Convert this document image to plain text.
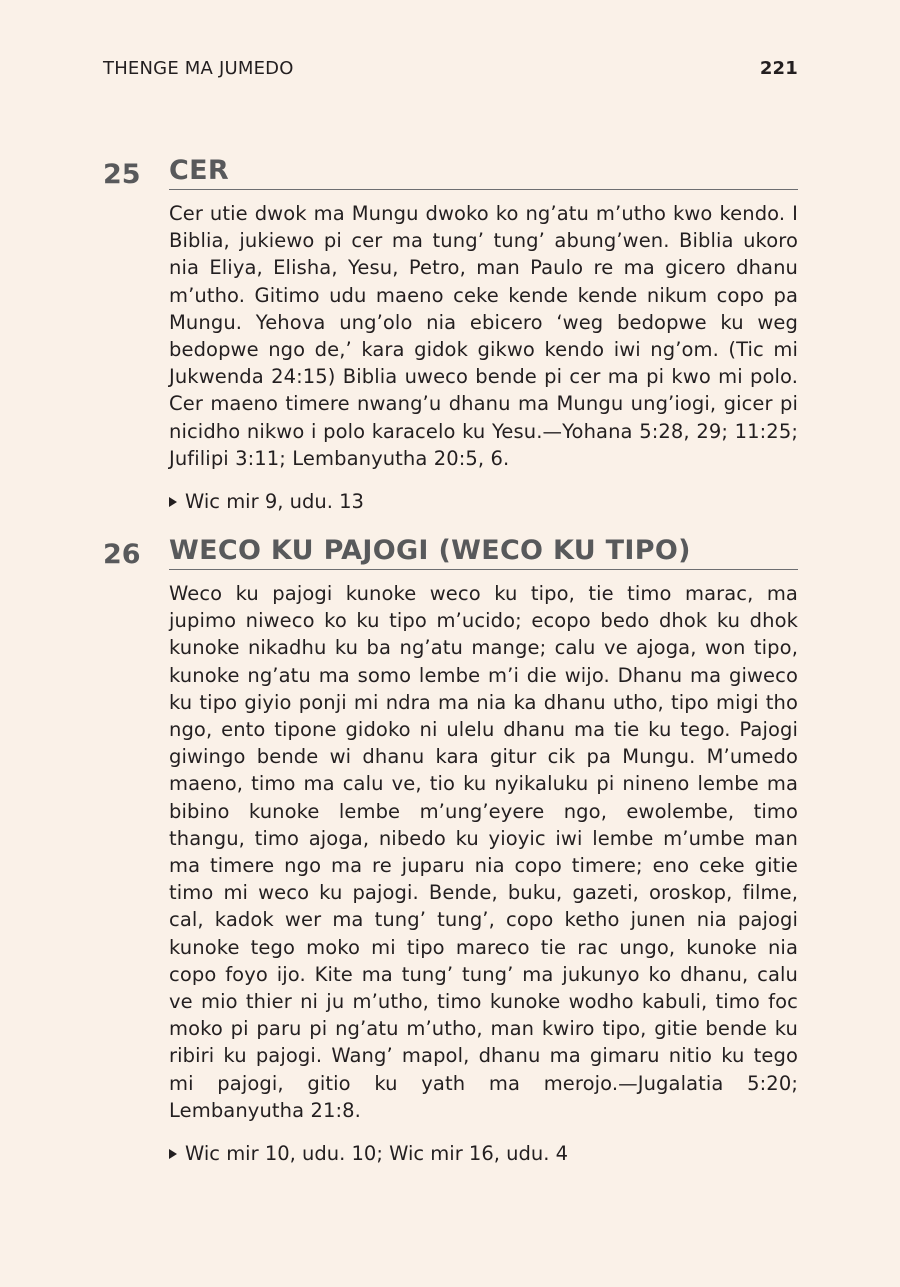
THENGE MA JUMEDO	221
25	CER

Cer utie dwok ma Mungu dwoko ko ng’atu m’utho kwo kendo. I Biblia, jukiewo pi cer ma tung’ tung’ abung’wen. Biblia ukoro nia Eliya, Elisha, Yesu, Petro, man Paulo re ma gicero dhanu m’utho. Gitimo udu maeno ceke kende kende nikum copo pa Mungu. Yehova ung’olo nia ebicero ‘weg bedopwe ku weg bedopwe ngo de,’ kara gidok gikwo kendo iwi ng’om. (Tic mi Jukwenda 24:15) Biblia uweco bende pi cer ma pi kwo mi polo. Cer maeno timere nwang’u dhanu ma Mungu ung’iogi, gicer pi nicidho nikwo i polo karacelo ku Yesu.—Yohana 5:28, 29; 11:25; Jufilipi 3:11; Lembanyutha 20:5, 6.

Wic mir 9, udu. 13
26	WECO KU PAJOGI (WECO KU TIPO)

Weco ku pajogi kunoke weco ku tipo, tie timo marac, ma jupimo niweco ko ku tipo m’ucido; ecopo bedo dhok ku dhok kunoke nikadhu ku ba ng’atu mange; calu ve ajoga, won tipo, kunoke ng’atu ma somo lembe m’i die wijo. Dhanu ma giweco ku tipo giyio ponji mi ndra ma nia ka dhanu utho, tipo migi tho ngo, ento tipone gidoko ni ulelu dhanu ma tie ku tego. Pajogi giwingo bende wi dhanu kara gitur cik pa Mungu. M’umedo maeno, timo ma calu ve, tio ku nyikaluku pi nineno lembe ma bibino kunoke lembe m’ung’eyere ngo, ewolembe, timo thangu, timo ajoga, nibedo ku yioyic iwi lembe m’umbe man ma timere ngo ma re juparu nia copo timere; eno ceke gitie timo mi weco ku pajogi. Bende, buku, gazeti, oroskop, filme, cal, kadok wer ma tung’ tung’, copo ketho junen nia pajogi kunoke tego moko mi tipo mareco tie rac ungo, kunoke nia copo foyo ijo. Kite ma tung’ tung’ ma jukunyo ko dhanu, calu ve mio thier ni ju m’utho, timo kunoke wodho kabuli, timo foc moko pi paru pi ng’atu m’utho, man kwiro tipo, gitie bende ku ribiri ku pajogi. Wang’ mapol, dhanu ma gimaru nitio ku tego mi pajogi, gitio ku yath ma merojo.—Jugalatia 5:20; Lembanyutha 21:8.

Wic mir 10, udu. 10; Wic mir 16, udu. 4
